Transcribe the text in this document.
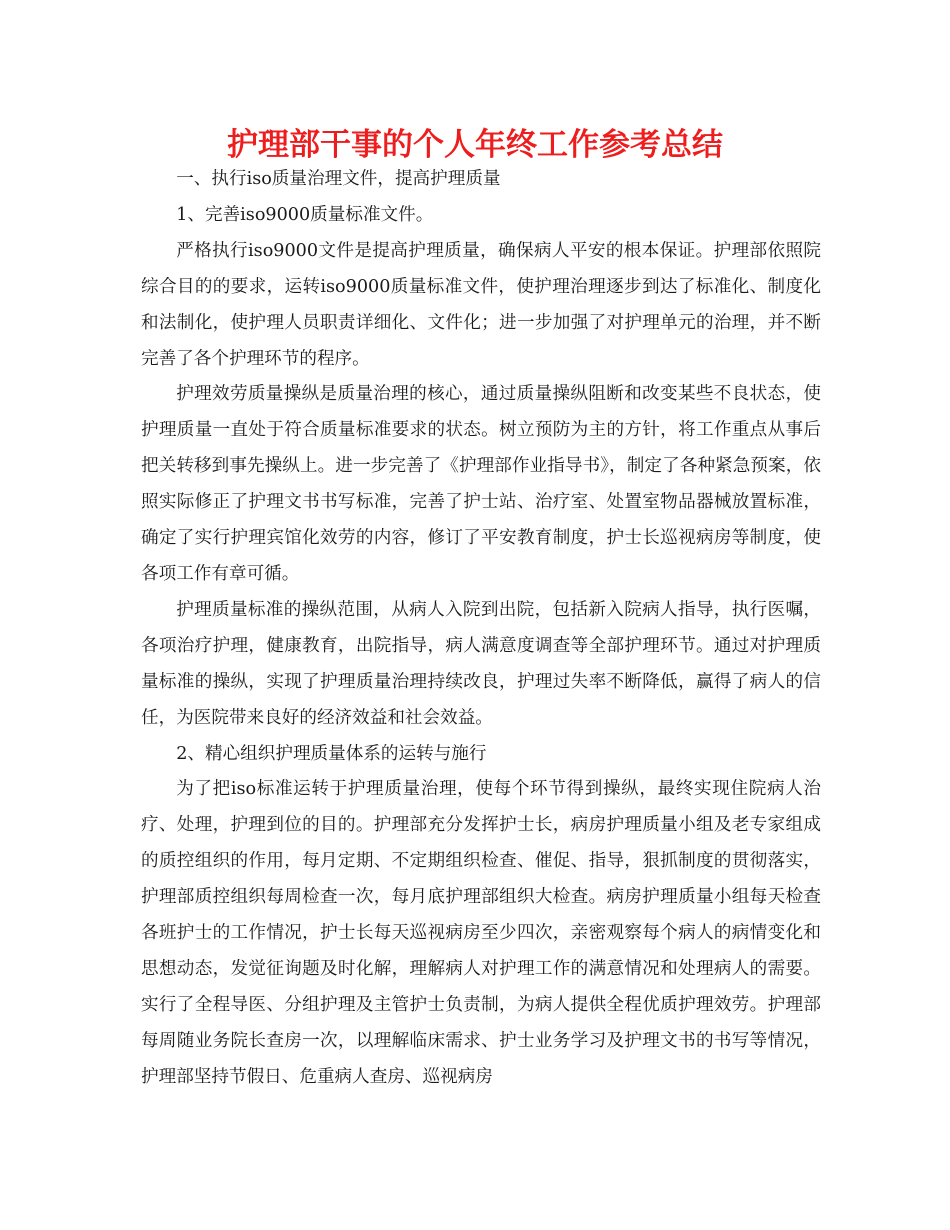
护理部干事的个人年终工作参考总结

一、执行iso质量治理文件，提高护理质量

1、完善iso9000质量标准文件。

严格执行iso9000文件是提高护理质量，确保病人平安的根本保证。护理部依照院综合目的的要求，运转iso9000质量标准文件，使护理治理逐步到达了标准化、制度化和法制化，使护理人员职责详细化、文件化；进一步加强了对护理单元的治理，并不断完善了各个护理环节的程序。

护理效劳质量操纵是质量治理的核心，通过质量操纵阻断和改变某些不良状态，使护理质量一直处于符合质量标准要求的状态。树立预防为主的方针，将工作重点从事后把关转移到事先操纵上。进一步完善了《护理部作业指导书》，制定了各种紧急预案，依照实际修正了护理文书书写标准，完善了护士站、治疗室、处置室物品器械放置标准，确定了实行护理宾馆化效劳的内容，修订了平安教育制度，护士长巡视病房等制度，使各项工作有章可循。

护理质量标准的操纵范围，从病人入院到出院，包括新入院病人指导，执行医嘱，各项治疗护理，健康教育，出院指导，病人满意度调查等全部护理环节。通过对护理质量标准的操纵，实现了护理质量治理持续改良，护理过失率不断降低，赢得了病人的信任，为医院带来良好的经济效益和社会效益。

2、精心组织护理质量体系的运转与施行

为了把iso标准运转于护理质量治理，使每个环节得到操纵，最终实现住院病人治疗、处理，护理到位的目的。护理部充分发挥护士长，病房护理质量小组及老专家组成的质控组织的作用，每月定期、不定期组织检查、催促、指导，狠抓制度的贯彻落实，护理部质控组织每周检查一次，每月底护理部组织大检查。病房护理质量小组每天检查各班护士的工作情况，护士长每天巡视病房至少四次，亲密观察每个病人的病情变化和思想动态，发觉征询题及时化解，理解病人对护理工作的满意情况和处理病人的需要。实行了全程导医、分组护理及主管护士负责制，为病人提供全程优质护理效劳。护理部每周随业务院长查房一次，以理解临床需求、护士业务学习及护理文书的书写等情况，护理部坚持节假日、危重病人查房、巡视病房
